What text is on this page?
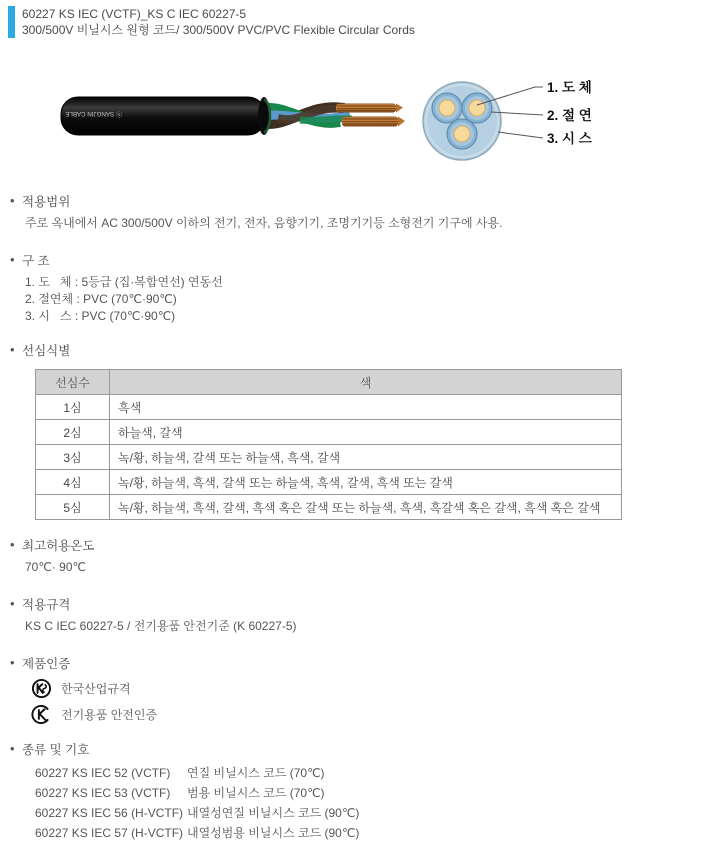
60227 KS IEC (VCTF)_KS C IEC 60227-5
300/500V 비닐시스 원형 코드/ 300/500V PVC/PVC Flexible Circular Cords
Ⓢ SANGJIN CABLE
1. 도 체
2. 절 연
3. 시 스
• 적용범위
주로 옥내에서 AC 300/500V 이하의 전기, 전자, 음향기기, 조명기기등 소형전기 기구에 사용.
• 구 조
1. 도   체 : 5등급 (집·복합연선) 연동선
2. 절연체 : PVC (70℃·90℃)
3. 시   스 : PVC (70℃·90℃)
• 선심식별
선심수	색
1심	흑색
2심	하늘색, 갈색
3심	녹/황, 하늘색, 갈색 또는 하늘색, 흑색, 갈색
4심	녹/황, 하늘색, 흑색, 갈색 또는 하늘색, 흑색, 갈색, 흑색 또는 갈색
5심	녹/황, 하늘색, 흑색, 갈색, 흑색 혹은 갈색 또는 하늘색, 흑색, 흑갈색 혹은 갈색, 흑색 혹은 갈색
• 최고허용온도
70℃· 90℃
• 적용규격
KS C IEC 60227-5 / 전기용품 안전기준 (K 60227-5)
• 제품인증
한국산업규격
전기용품 안전인증
• 종류 및 기호
60227 KS IEC 52 (VCTF)	연질 비닐시스 코드 (70℃)
60227 KS IEC 53 (VCTF)	범용 비닐시스 코드 (70℃)
60227 KS IEC 56 (H-VCTF) 내열성연질 비닐시스 코드 (90℃)
60227 KS IEC 57 (H-VCTF) 내열성범용 비닐시스 코드 (90℃)
